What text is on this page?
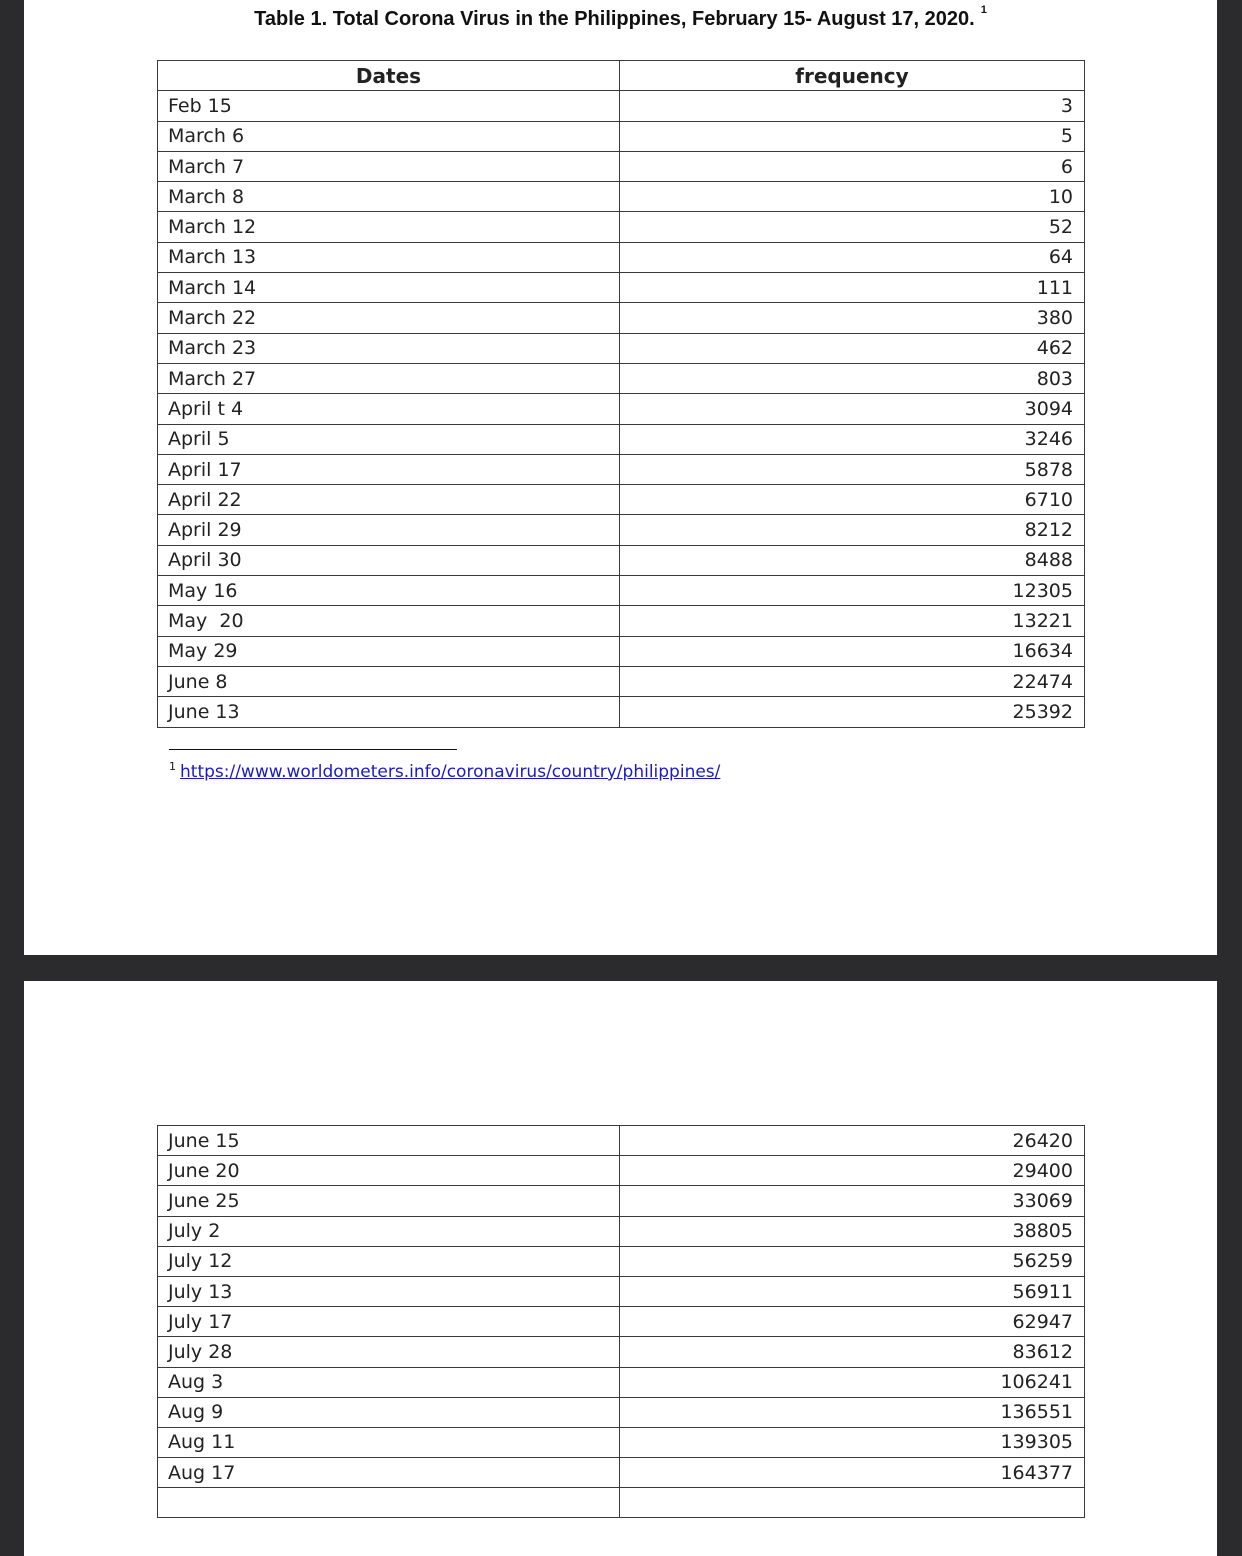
Table 1. Total Corona Virus in the Philippines, February 15- August 17, 2020. $^1$
Dates	frequency
Feb 15	3
March 6	5
March 7	6
March 8	10
March 12	52
March 13	64
March 14	111
March 22	380
March 23	462
March 27	803
April t 4	3094
April 5	3246
April 17	5878
April 22	6710
April 29	8212
April 30	8488
May 16	12305
May  20	13221
May 29	16634
June 8	22474
June 13	25392
$^1$ https://www.worldometers.info/coronavirus/country/philippines/
June 15	26420
June 20	29400
June 25	33069
July 2	38805
July 12	56259
July 13	56911
July 17	62947
July 28	83612
Aug 3	106241
Aug 9	136551
Aug 11	139305
Aug 17	164377
